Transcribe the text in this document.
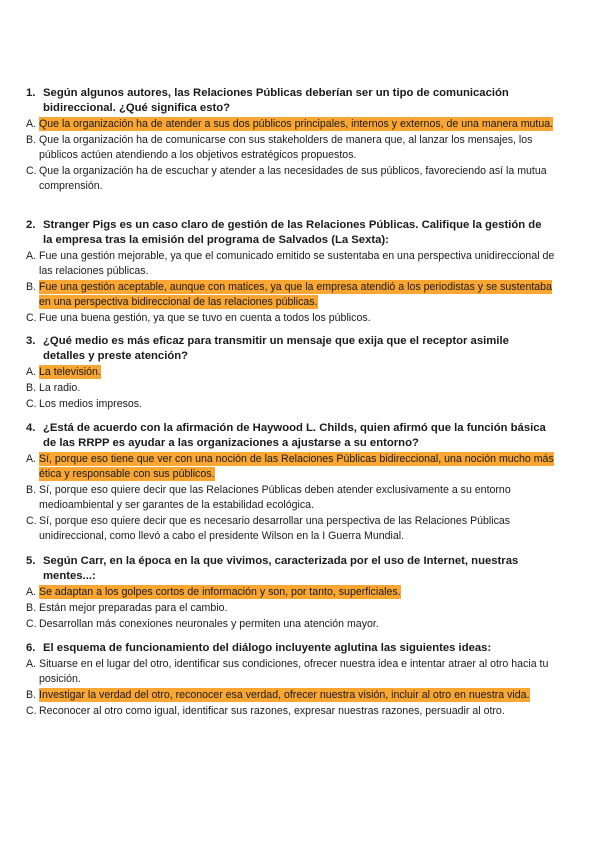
1. Según algunos autores, las Relaciones Públicas deberían ser un tipo de comunicación bidireccional. ¿Qué significa esto?
A. Que la organización ha de atender a sus dos públicos principales, internos y externos, de una manera mutua.
B. Que la organización ha de comunicarse con sus stakeholders de manera que, al lanzar los mensajes, los públicos actúen atendiendo a los objetivos estratégicos propuestos.
C. Que la organización ha de escuchar y atender a las necesidades de sus públicos, favoreciendo así la mutua comprensión.
2. Stranger Pigs es un caso claro de gestión de las Relaciones Públicas. Califique la gestión de la empresa tras la emisión del programa de Salvados (La Sexta):
A. Fue una gestión mejorable, ya que el comunicado emitido se sustentaba en una perspectiva unidireccional de las relaciones públicas.
B. Fue una gestión aceptable, aunque con matices, ya que la empresa atendió a los periodistas y se sustentaba en una perspectiva bidireccional de las relaciones públicas.
C. Fue una buena gestión, ya que se tuvo en cuenta a todos los públicos.
3. ¿Qué medio es más eficaz para transmitir un mensaje que exija que el receptor asimile detalles y preste atención?
A. La televisión.
B. La radio.
C. Los medios impresos.
4. ¿Está de acuerdo con la afirmación de Haywood L. Childs, quien afirmó que la función básica de las RRPP es ayudar a las organizaciones a ajustarse a su entorno?
A. Sí, porque eso tiene que ver con una noción de las Relaciones Públicas bidireccional, una noción mucho más ética y responsable con sus públicos.
B. Sí, porque eso quiere decir que las Relaciones Públicas deben atender exclusivamente a su entorno medioambiental y ser garantes de la estabilidad ecológica.
C. Sí, porque eso quiere decir que es necesario desarrollar una perspectiva de las Relaciones Públicas unidireccional, como llevó a cabo el presidente Wilson en la I Guerra Mundial.
5. Según Carr, en la época en la que vivimos, caracterizada por el uso de Internet, nuestras mentes...:
A. Se adaptan a los golpes cortos de información y son, por tanto, superficiales.
B. Están mejor preparadas para el cambio.
C. Desarrollan más conexiones neuronales y permiten una atención mayor.
6. El esquema de funcionamiento del diálogo incluyente aglutina las siguientes ideas:
A. Situarse en el lugar del otro, identificar sus condiciones, ofrecer nuestra idea e intentar atraer al otro hacia tu posición.
B. Investigar la verdad del otro, reconocer esa verdad, ofrecer nuestra visión, incluir al otro en nuestra vida.
C. Reconocer al otro como igual, identificar sus razones, expresar nuestras razones, persuadir al otro.
